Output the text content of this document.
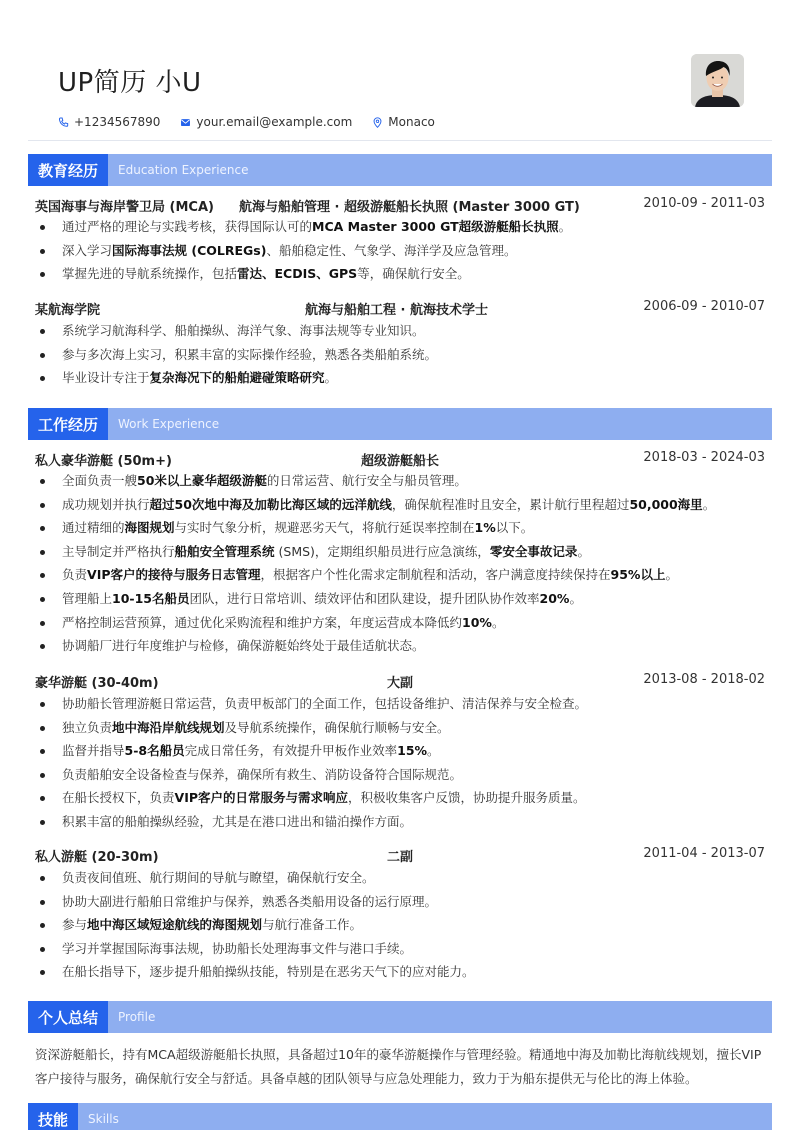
UP简历 小U
+1234567890	your.email@example.com	Monaco
教育经历	Education Experience
英国海事与海岸警卫局 (MCA) 航海与船舶管理 · 超级游艇船长执照 (Master 3000 GT)	2010-09 - 2011-03
通过严格的理论与实践考核，获得国际认可的MCA Master 3000 GT超级游艇船长执照。
深入学习国际海事法规 (COLREGs)、船舶稳定性、气象学、海洋学及应急管理。
掌握先进的导航系统操作，包括雷达、ECDIS、GPS等，确保航行安全。
某航海学院	航海与船舶工程 · 航海技术学士	2006-09 - 2010-07
系统学习航海科学、船舶操纵、海洋气象、海事法规等专业知识。
参与多次海上实习，积累丰富的实际操作经验，熟悉各类船舶系统。
毕业设计专注于复杂海况下的船舶避碰策略研究。
工作经历	Work Experience
私人豪华游艇 (50m+)	超级游艇船长	2018-03 - 2024-03
全面负责一艘50米以上豪华超级游艇的日常运营、航行安全与船员管理。
成功规划并执行超过50次地中海及加勒比海区域的远洋航线，确保航程准时且安全，累计航行里程超过50,000海里。
通过精细的海图规划与实时气象分析，规避恶劣天气，将航行延误率控制在1%以下。
主导制定并严格执行船舶安全管理系统 (SMS)，定期组织船员进行应急演练，零安全事故记录。
负责VIP客户的接待与服务日志管理，根据客户个性化需求定制航程和活动，客户满意度持续保持在95%以上。
管理船上10-15名船员团队，进行日常培训、绩效评估和团队建设，提升团队协作效率20%。
严格控制运营预算，通过优化采购流程和维护方案，年度运营成本降低约10%。
协调船厂进行年度维护与检修，确保游艇始终处于最佳适航状态。
豪华游艇 (30-40m)	大副	2013-08 - 2018-02
协助船长管理游艇日常运营，负责甲板部门的全面工作，包括设备维护、清洁保养与安全检查。
独立负责地中海沿岸航线规划及导航系统操作，确保航行顺畅与安全。
监督并指导5-8名船员完成日常任务，有效提升甲板作业效率15%。
负责船舶安全设备检查与保养，确保所有救生、消防设备符合国际规范。
在船长授权下，负责VIP客户的日常服务与需求响应，积极收集客户反馈，协助提升服务质量。
积累丰富的船舶操纵经验，尤其是在港口进出和锚泊操作方面。
私人游艇 (20-30m)	二副	2011-04 - 2013-07
负责夜间值班、航行期间的导航与瞭望，确保航行安全。
协助大副进行船舶日常维护与保养，熟悉各类船用设备的运行原理。
参与地中海区域短途航线的海图规划与航行准备工作。
学习并掌握国际海事法规，协助船长处理海事文件与港口手续。
在船长指导下，逐步提升船舶操纵技能，特别是在恶劣天气下的应对能力。
个人总结	Profile
资深游艇船长，持有MCA超级游艇船长执照，具备超过10年的豪华游艇操作与管理经验。精通地中海及加勒比海航线规划，擅长VIP客户接待与服务，确保航行安全与舒适。具备卓越的团队领导与应急处理能力，致力于为船东提供无与伦比的海上体验。
技能	Skills
